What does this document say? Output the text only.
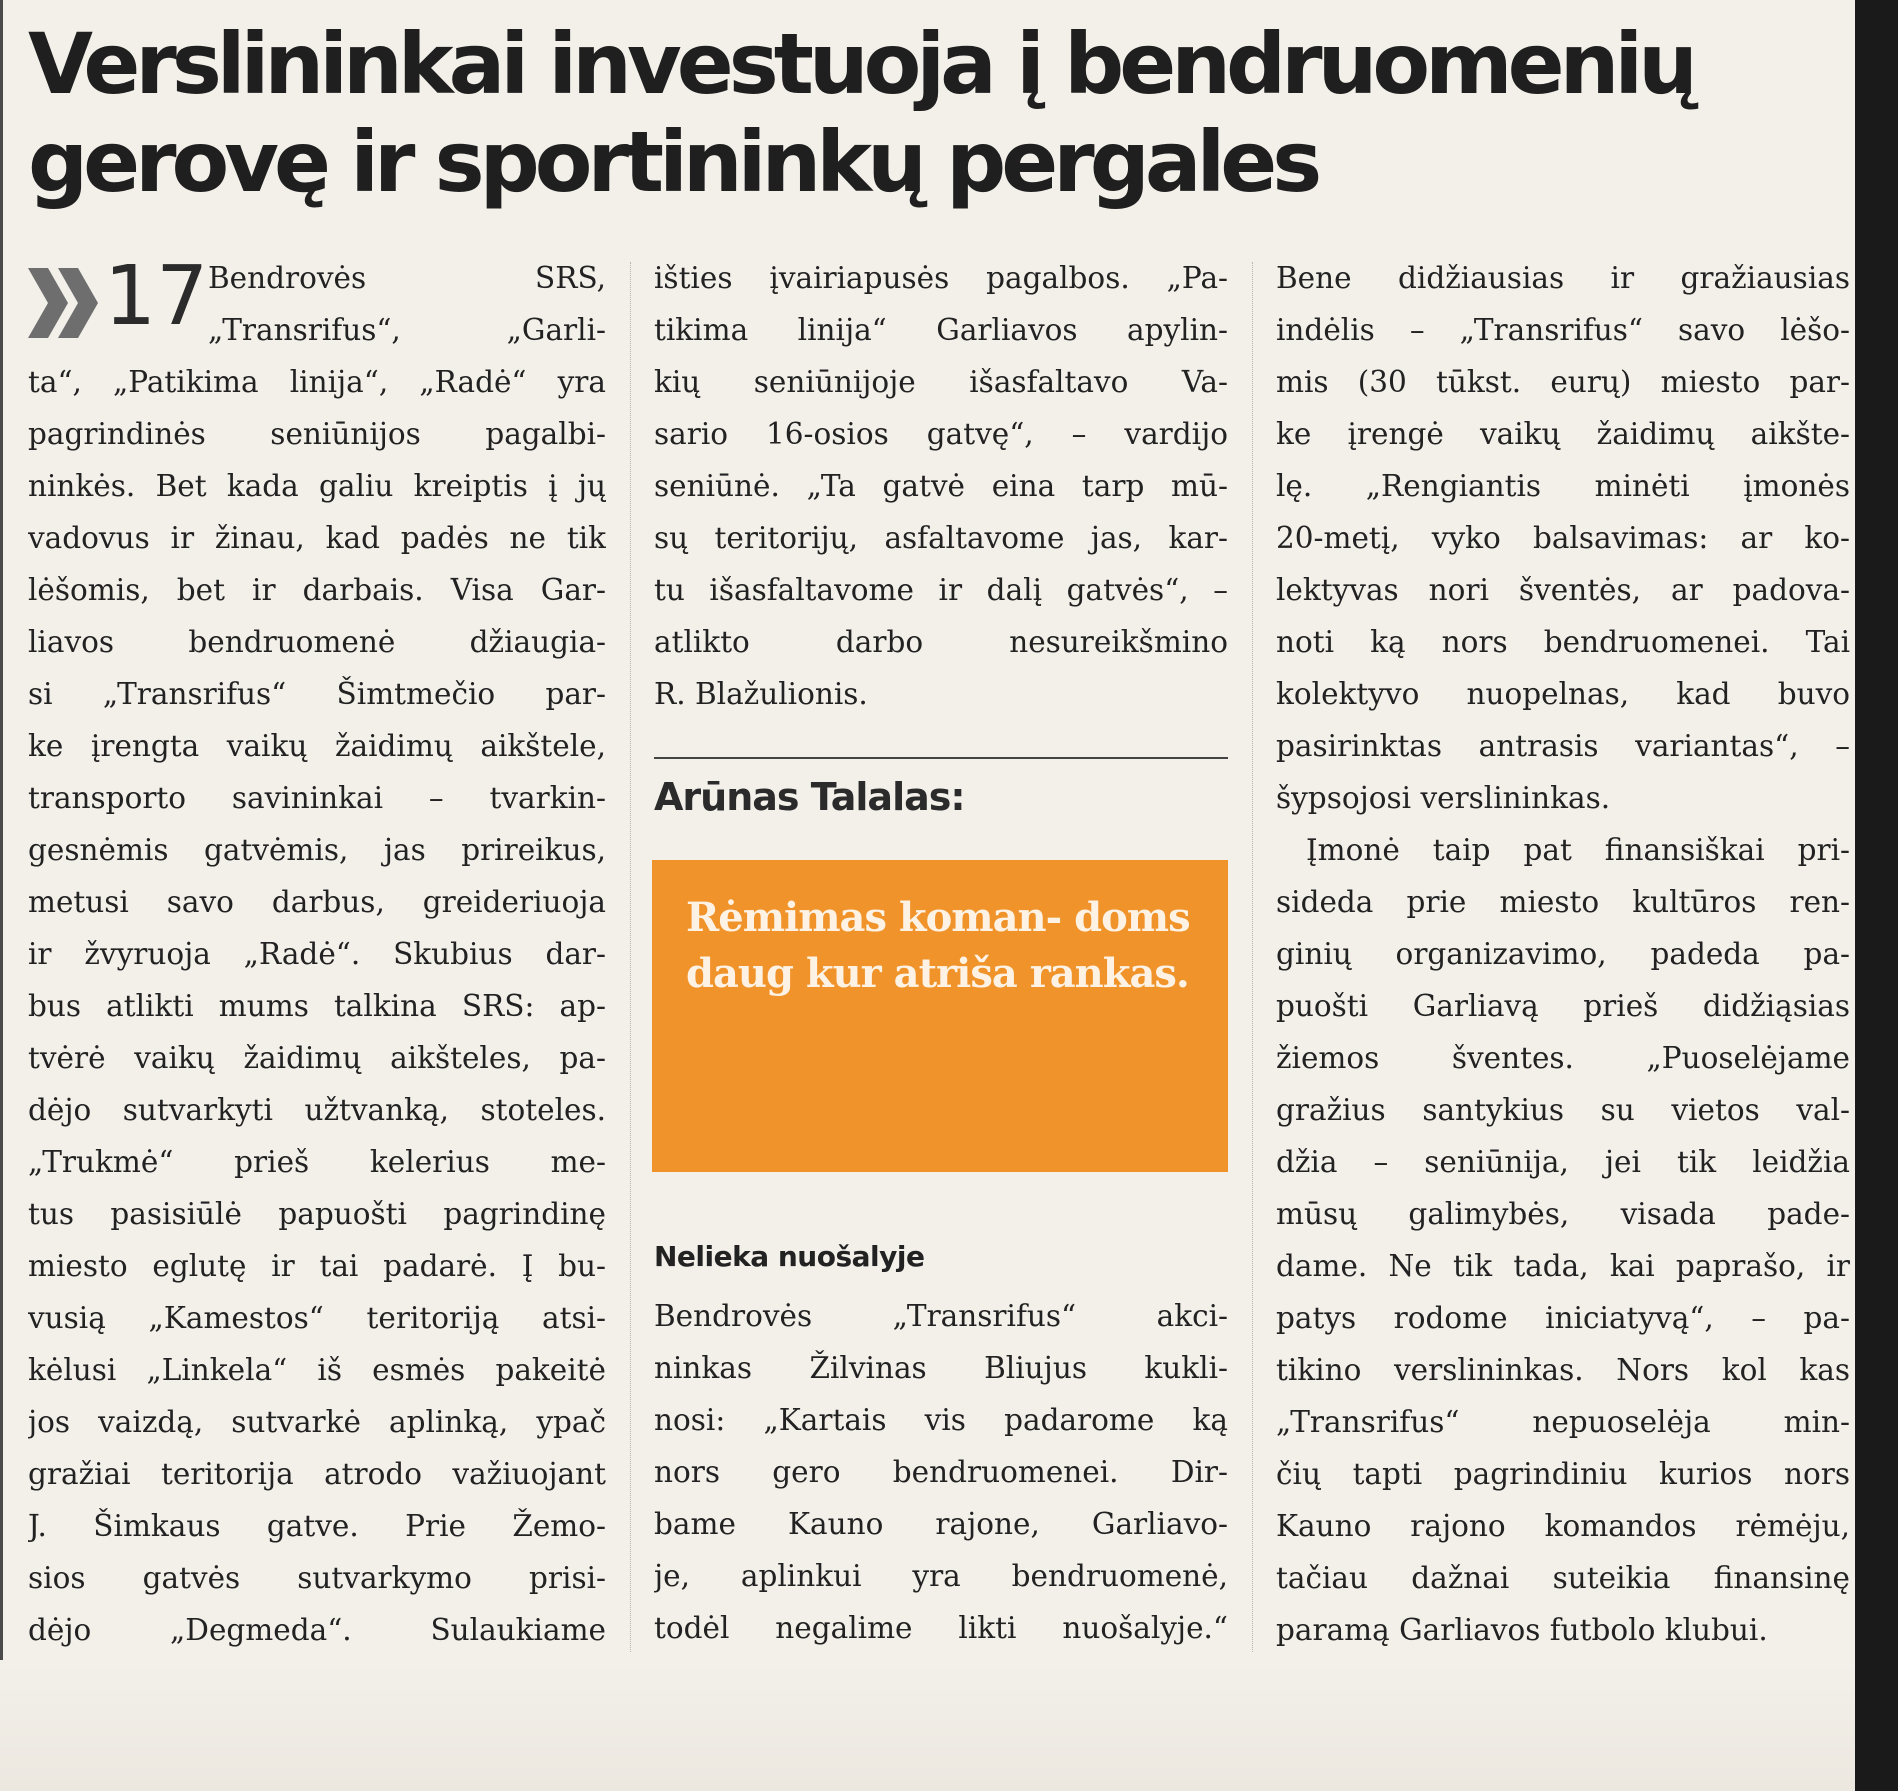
Verslininkai investuoja į bendruomenių
gerovę ir sportininkų pergales
17 Bendrovės SRS,
„Transrifus“, „Garli-
ta“, „Patikima linija“, „Radė“ yra
pagrindinės seniūnijos pagalbi-
ninkės. Bet kada galiu kreiptis į jų
vadovus ir žinau, kad padės ne tik
lėšomis, bet ir darbais. Visa Gar-
liavos bendruomenė džiaugia-
si „Transrifus“ Šimtmečio par-
ke įrengta vaikų žaidimų aikštele,
transporto savininkai – tvarkin-
gesnėmis gatvėmis, jas prireikus,
metusi savo darbus, greideriuoja
ir žvyruoja „Radė“. Skubius dar-
bus atlikti mums talkina SRS: ap-
tvėrė vaikų žaidimų aikšteles, pa-
dėjo sutvarkyti užtvanką, stoteles.
„Trukmė“ prieš kelerius me-
tus pasisiūlė papuošti pagrindinę
miesto eglutę ir tai padarė. Į bu-
vusią „Kamestos“ teritoriją atsi-
kėlusi „Linkela“ iš esmės pakeitė
jos vaizdą, sutvarkė aplinką, ypač
gražiai teritorija atrodo važiuojant
J. Šimkaus gatve. Prie Žemo-
sios gatvės sutvarkymo prisi-
dėjo „Degmeda“. Sulaukiame
išties įvairiapusės pagalbos. „Pa-
tikima linija“ Garliavos apylin-
kių seniūnijoje išasfaltavo Va-
sario 16-osios gatvę“, – vardijo
seniūnė. „Ta gatvė eina tarp mū-
sų teritorijų, asfaltavome jas, kar-
tu išasfaltavome ir dalį gatvės“, –
atlikto darbo nesureikšmino
R. Blažulionis.
Arūnas Talalas:

Rėmimas koman- doms daug kur atriša rankas.

Nelieka nuošalyje
Bendrovės „Transrifus“ akci-
ninkas Žilvinas Bliujus kukli-
nosi: „Kartais vis padarome ką
nors gero bendruomenei. Dir-
bame Kauno rajone, Garliavo-
je, aplinkui yra bendruomenė,
todėl negalime likti nuošalyje.“
Bene didžiausias ir gražiausias
indėlis – „Transrifus“ savo lėšo-
mis (30 tūkst. eurų) miesto par-
ke įrengė vaikų žaidimų aikšte-
lę. „Rengiantis minėti įmonės
20-metį, vyko balsavimas: ar ko-
lektyvas nori šventės, ar padova-
noti ką nors bendruomenei. Tai
kolektyvo nuopelnas, kad buvo
pasirinktas antrasis variantas“, –
šypsojosi verslininkas.
Įmonė taip pat finansiškai pri-
sideda prie miesto kultūros ren-
ginių organizavimo, padeda pa-
puošti Garliavą prieš didžiąsias
žiemos šventes. „Puoselėjame
gražius santykius su vietos val-
džia – seniūnija, jei tik leidžia
mūsų galimybės, visada pade-
dame. Ne tik tada, kai paprašo, ir
patys rodome iniciatyvą“, – pa-
tikino verslininkas. Nors kol kas
„Transrifus“ nepuoselėja min-
čių tapti pagrindiniu kurios nors
Kauno rajono komandos rėmėju,
tačiau dažnai suteikia finansinę
paramą Garliavos futbolo klubui.
